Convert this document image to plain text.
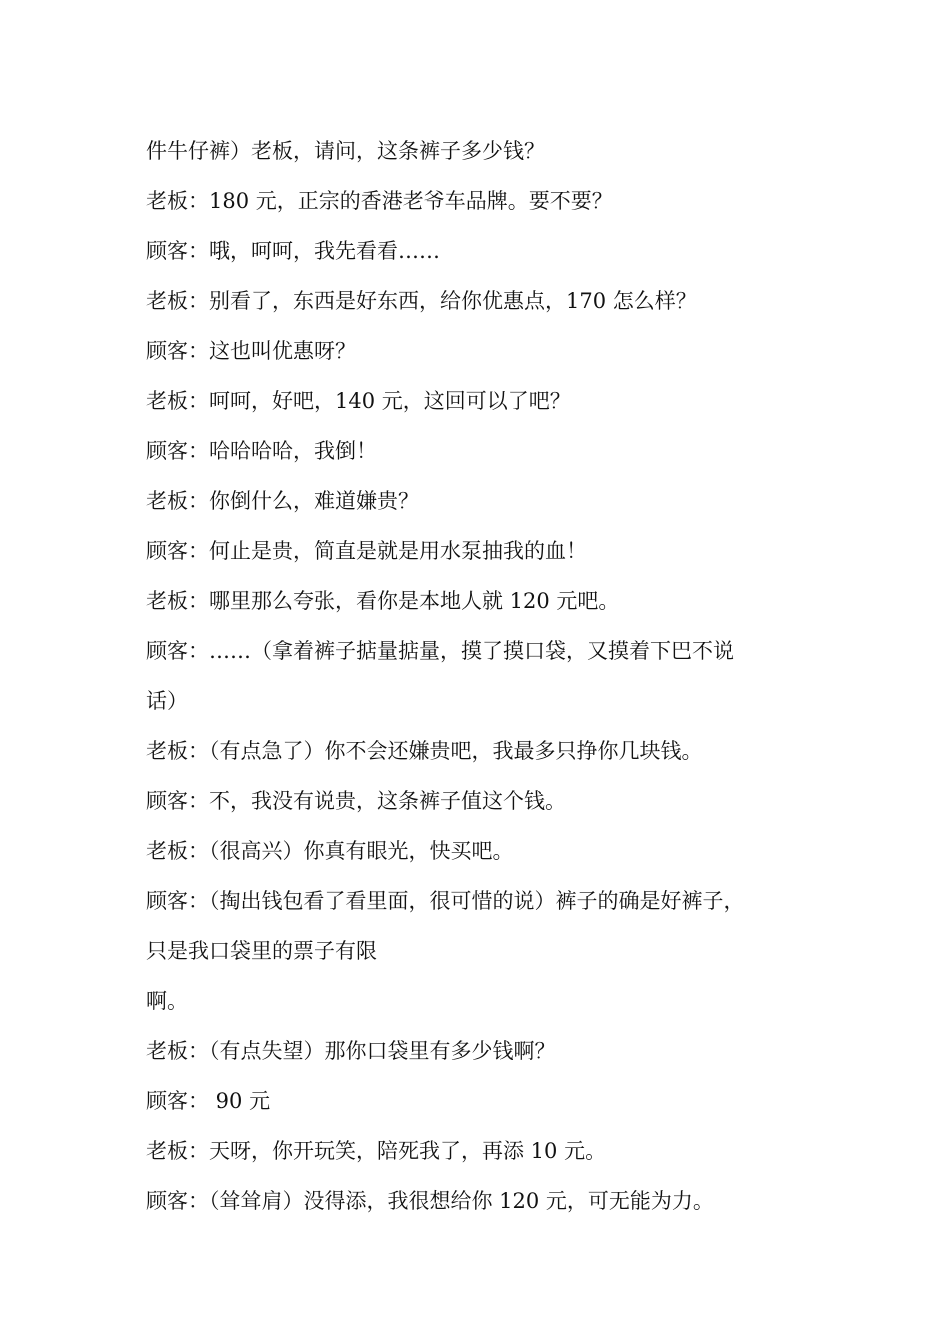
件牛仔裤）老板，请问，这条裤子多少钱？
老板：180 元，正宗的香港老爷车品牌。要不要？
顾客：哦，呵呵，我先看看……
老板：别看了，东西是好东西，给你优惠点，170 怎么样？
顾客：这也叫优惠呀？
老板：呵呵，好吧，140 元，这回可以了吧？
顾客：哈哈哈哈，我倒！
老板：你倒什么，难道嫌贵？
顾客：何止是贵，简直是就是用水泵抽我的血！
老板：哪里那么夸张，看你是本地人就 120 元吧。
顾客：……（拿着裤子掂量掂量，摸了摸口袋，又摸着下巴不说
话）
老板：（有点急了）你不会还嫌贵吧，我最多只挣你几块钱。
顾客：不，我没有说贵，这条裤子值这个钱。
老板：（很高兴）你真有眼光，快买吧。
顾客：（掏出钱包看了看里面，很可惜的说）裤子的确是好裤子，
只是我口袋里的票子有限
啊。
老板：（有点失望）那你口袋里有多少钱啊？
顾客： 90 元
老板：天呀，你开玩笑，陪死我了，再添 10 元。
顾客：（耸耸肩）没得添，我很想给你 120 元，可无能为力。
